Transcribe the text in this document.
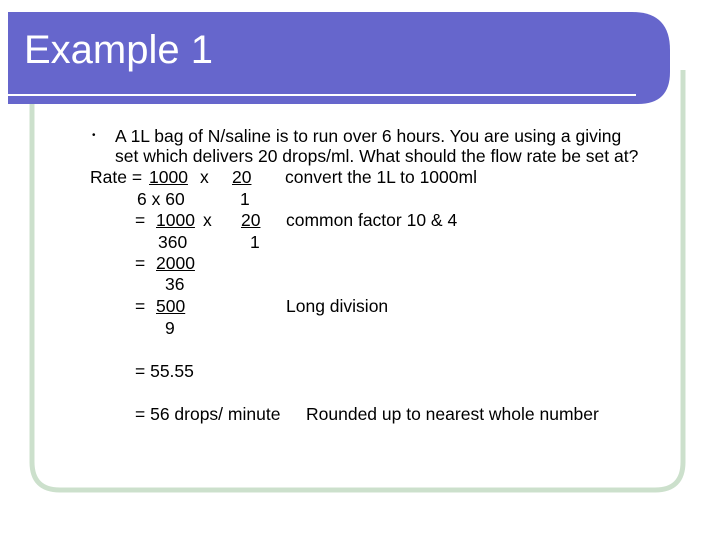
Example 1
• A 1L bag of N/saline is to run over 6 hours. You are using a giving
set which delivers 20 drops/ml. What should the flow rate be set at?
Rate = 1000 x 20 convert the 1L to 1000ml
6 x 60	1
= 1000 x 20 common factor 10 & 4
360	1
= 2000
36
= 500	Long division
9
= 55.55
= 56 drops/ minute Rounded up to nearest whole number
